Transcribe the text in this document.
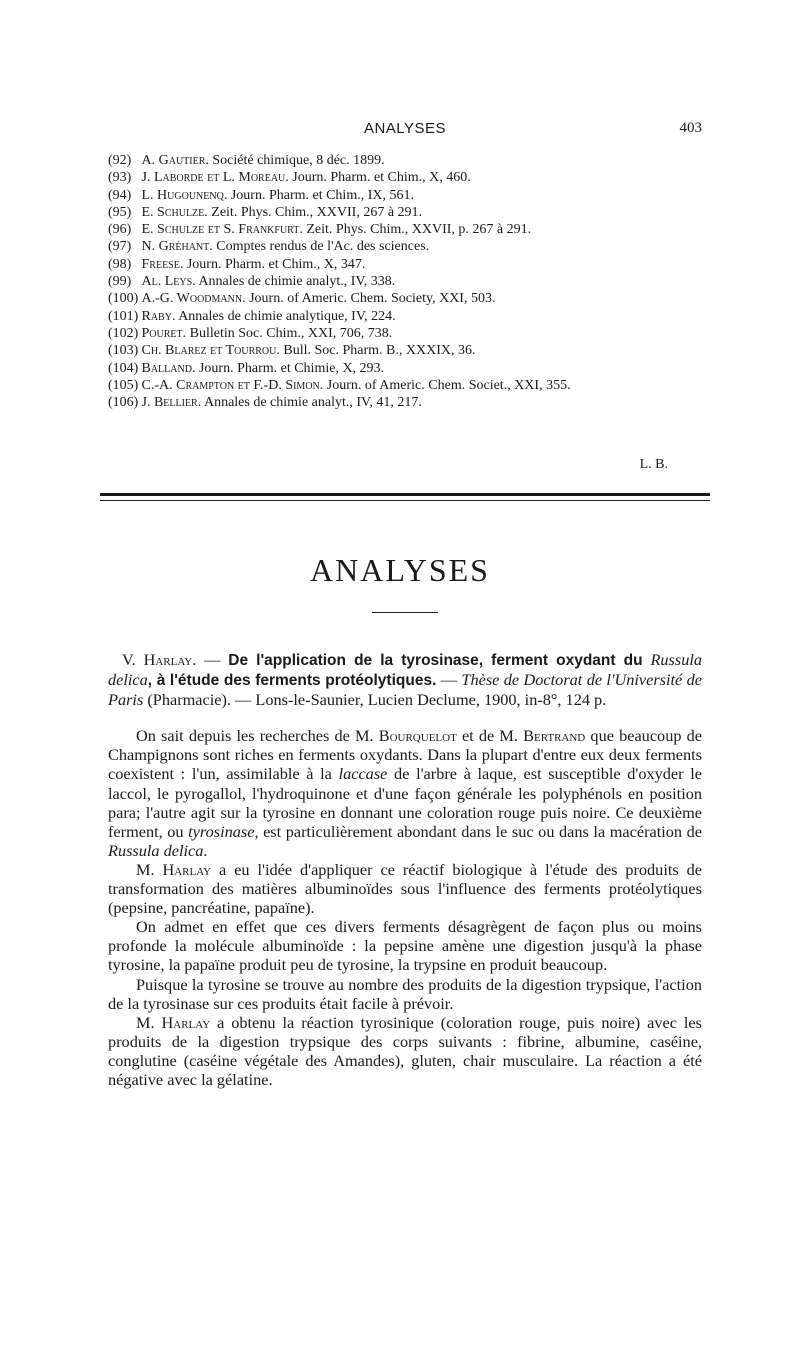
ANALYSES	403
(92) A. Gautier. Société chimique, 8 déc. 1899.
(93) J. Laborde et L. Moreau. Journ. Pharm. et Chim., X, 460.
(94) L. Hugounenq. Journ. Pharm. et Chim., IX, 561.
(95) E. Schulze. Zeit. Phys. Chim., XXVII, 267 à 291.
(96) E. Schulze et S. Frankfurt. Zeit. Phys. Chim., XXVII, p. 267 à 291.
(97) N. Gréhant. Comptes rendus de l'Ac. des sciences.
(98) Freese. Journ. Pharm. et Chim., X, 347.
(99) Al. Leys. Annales de chimie analyt., IV, 338.
(100) A.-G. Woodmann. Journ. of Americ. Chem. Society, XXI, 503.
(101) Raby. Annales de chimie analytique, IV, 224.
(102) Pouret. Bulletin Soc. Chim., XXI, 706, 738.
(103) Ch. Blarez et Tourrou. Bull. Soc. Pharm. B., XXXIX, 36.
(104) Balland. Journ. Pharm. et Chimie, X, 293.
(105) C.-A. Crampton et F.-D. Simon. Journ. of Americ. Chem. Societ., XXI, 355.
(106) J. Bellier. Annales de chimie analyt., IV, 41, 217.
L. B.
ANALYSES

V. Harlay. — De l'application de la tyrosinase, ferment oxydant du Russula delica, à l'étude des ferments protéolytiques. — Thèse de Doctorat de l'Université de Paris (Pharmacie). — Lons-le-Saunier, Lucien Declume, 1900, in-8°, 124 p.

On sait depuis les recherches de M. Bourquelot et de M. Bertrand que beaucoup de Champignons sont riches en ferments oxydants. Dans la plupart d'entre eux deux ferments coexistent : l'un, assimilable à la laccase de l'arbre à laque, est susceptible d'oxyder le laccol, le pyrogallol, l'hydroquinone et d'une façon générale les polyphénols en position para; l'autre agit sur la tyrosine en donnant une coloration rouge puis noire. Ce deuxième ferment, ou tyrosinase, est particulièrement abondant dans le suc ou dans la macération de Russula delica.

M. Harlay a eu l'idée d'appliquer ce réactif biologique à l'étude des produits de transformation des matières albuminoïdes sous l'influence des ferments protéolytiques (pepsine, pancréatine, papaïne).

On admet en effet que ces divers ferments désagrègent de façon plus ou moins profonde la molécule albuminoïde : la pepsine amène une digestion jusqu'à la phase tyrosine, la papaïne produit peu de tyrosine, la trypsine en produit beaucoup.

Puisque la tyrosine se trouve au nombre des produits de la digestion trypsique, l'action de la tyrosinase sur ces produits était facile à prévoir.

M. Harlay a obtenu la réaction tyrosinique (coloration rouge, puis noire) avec les produits de la digestion trypsique des corps suivants : fibrine, albumine, caséine, conglutine (caséine végétale des Amandes), gluten, chair musculaire. La réaction a été négative avec la gélatine.
